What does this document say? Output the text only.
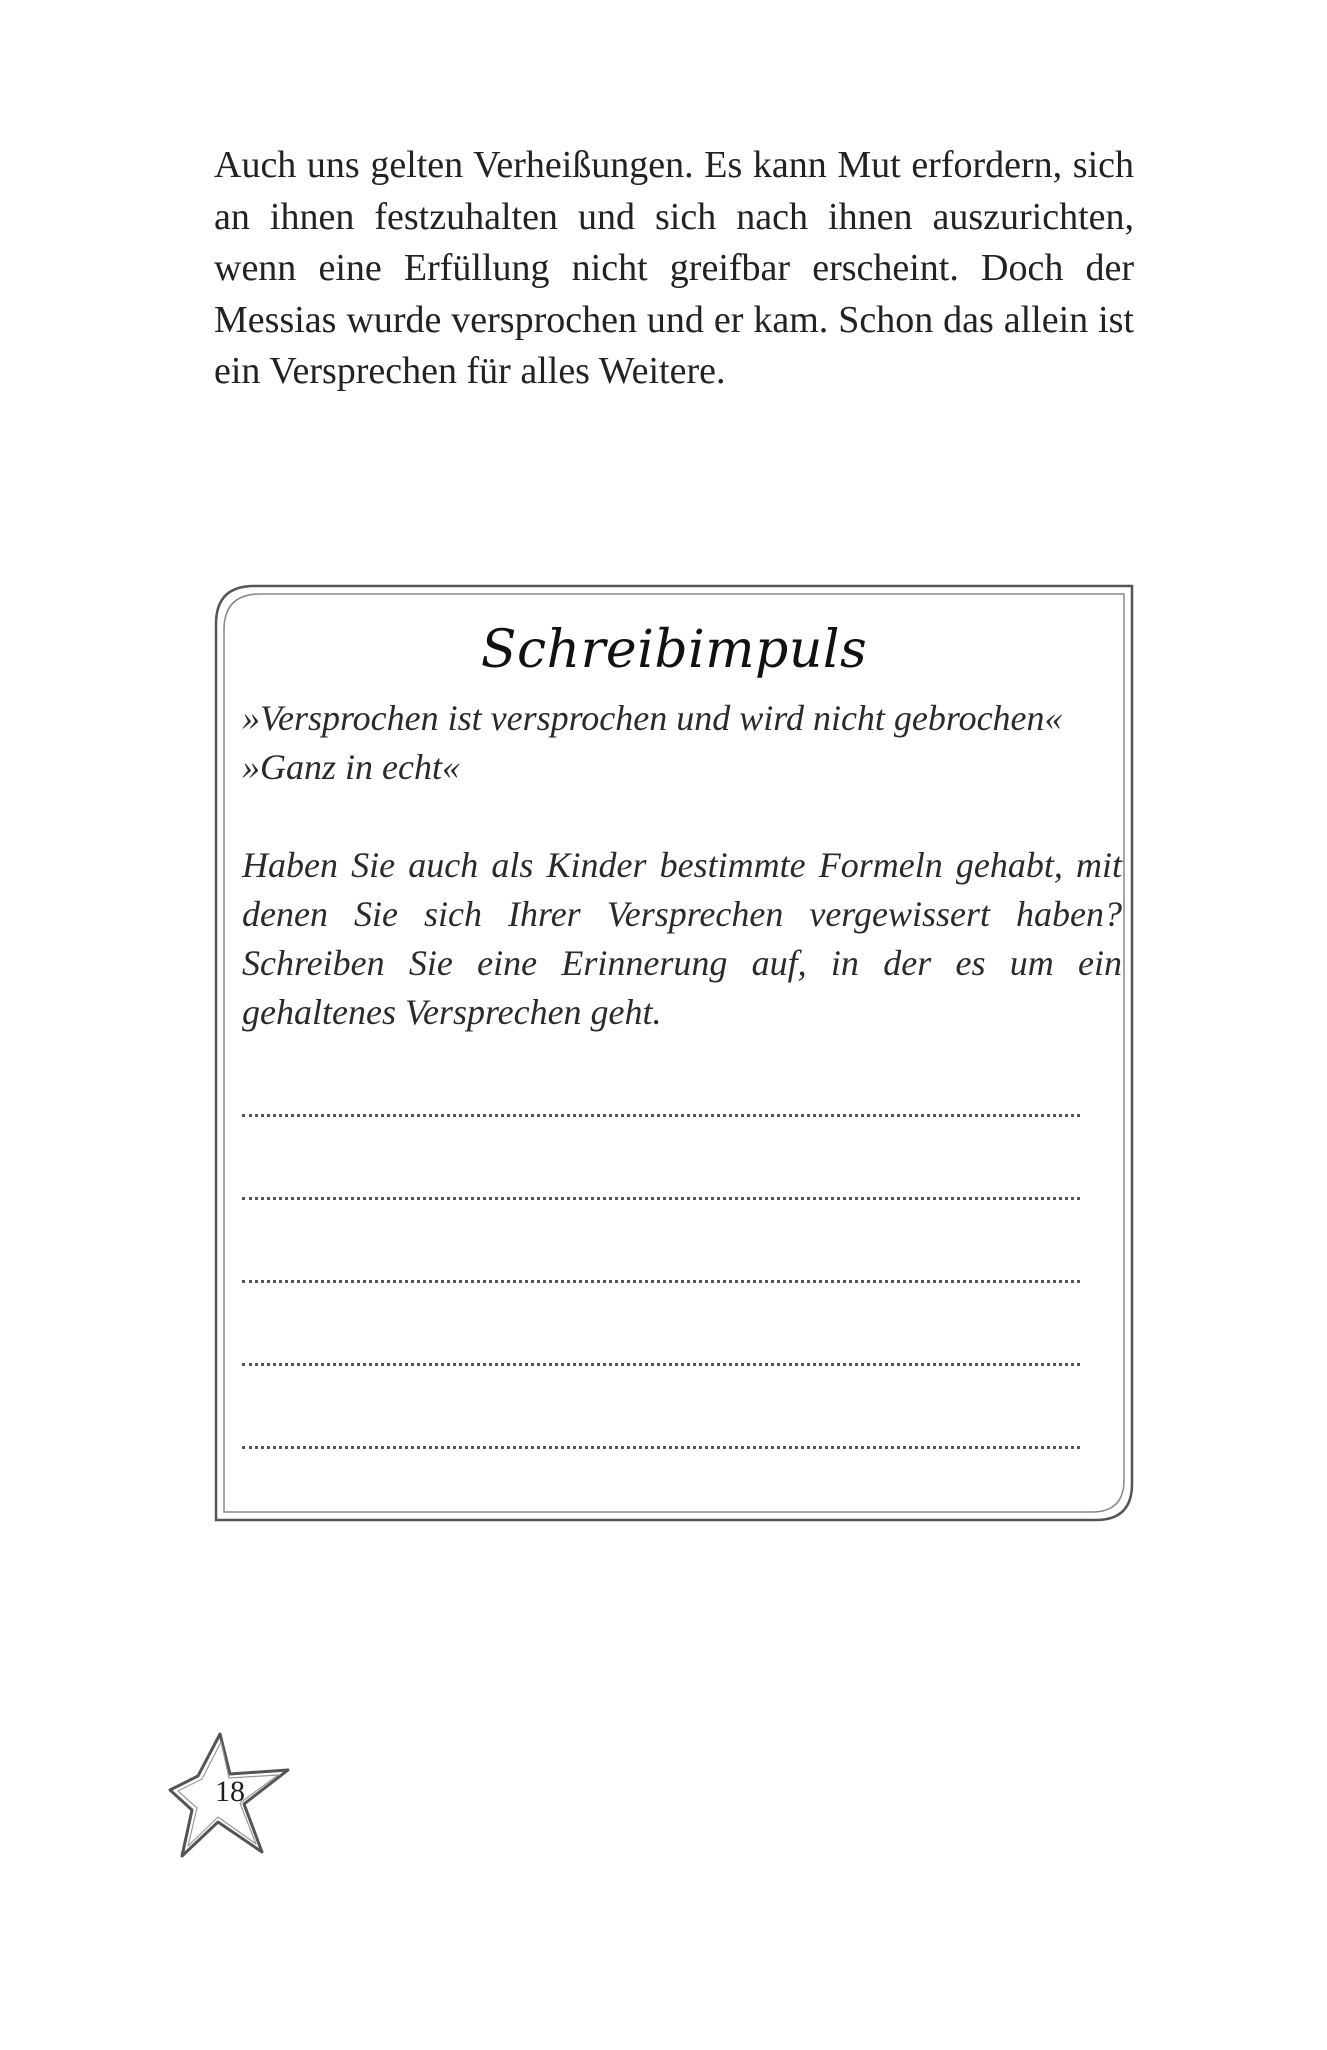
Auch uns gelten Verheißungen. Es kann Mut erfordern, sich an ihnen festzuhalten und sich nach ihnen auszurichten, wenn eine Erfüllung nicht greifbar erscheint. Doch der Messias wurde versprochen und er kam. Schon das allein ist ein Versprechen für alles Weitere.

Schreibimpuls

»Versprochen ist versprochen und wird nicht gebrochen«

»Ganz in echt«

Haben Sie auch als Kinder bestimmte Formeln gehabt, mit denen Sie sich Ihrer Versprechen vergewissert haben? Schreiben Sie eine Erinnerung auf, in der es um ein gehaltenes Versprechen geht.

18
